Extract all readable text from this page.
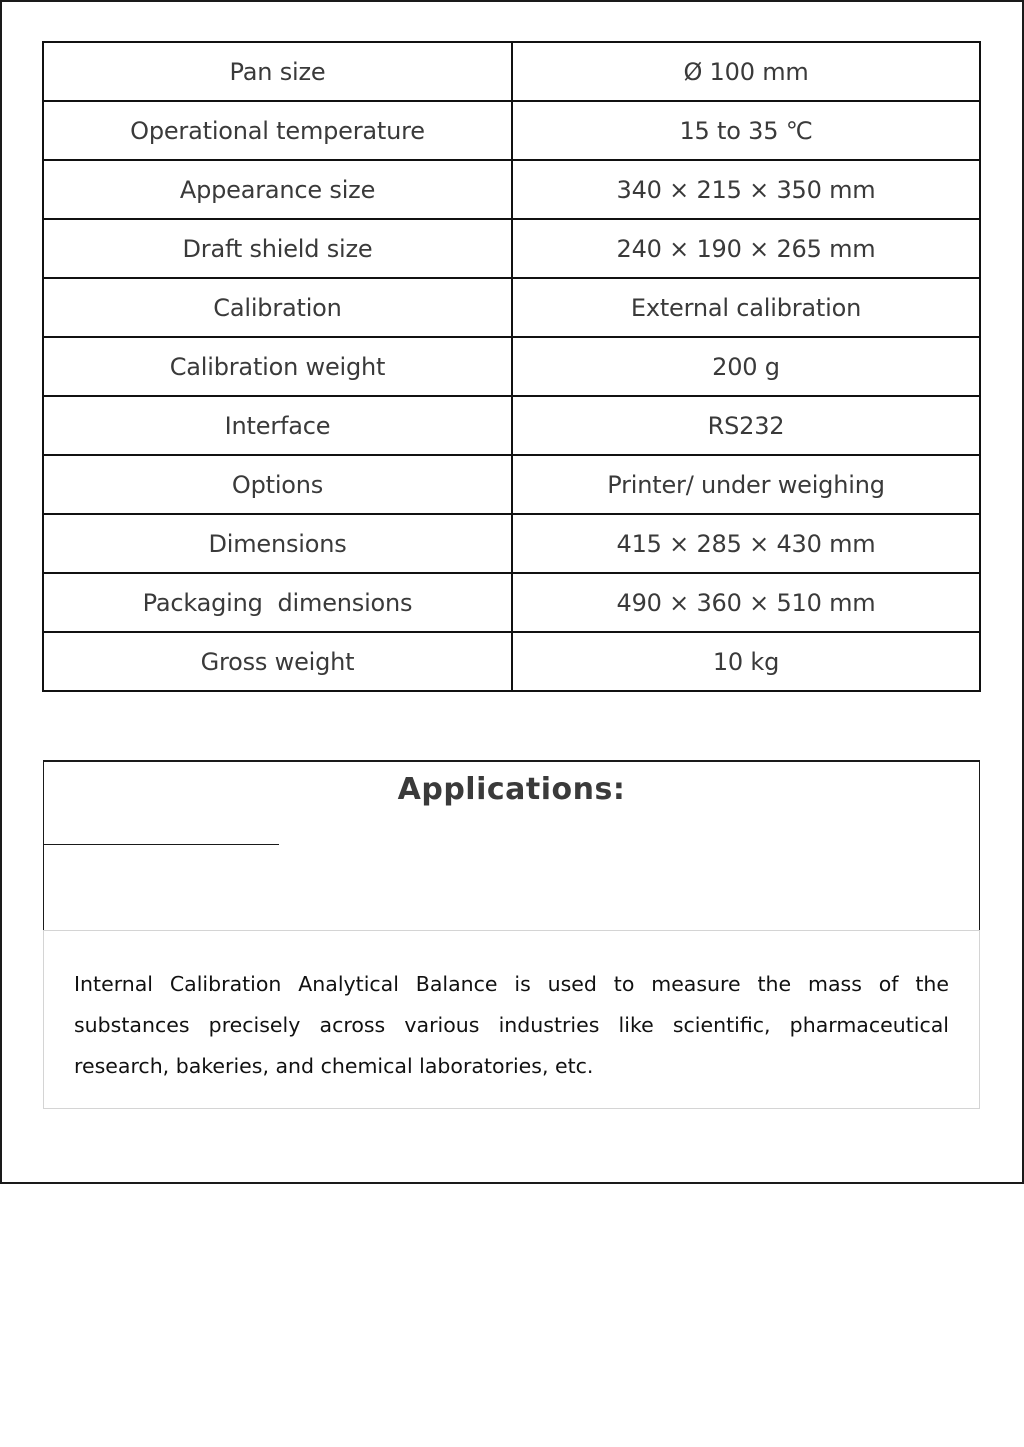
Pan size	Ø 100 mm
Operational temperature	15 to 35 ℃
Appearance size	340 × 215 × 350 mm
Draft shield size	240 × 190 × 265 mm
Calibration	External calibration
Calibration weight	200 g
Interface	RS232
Options	Printer/ under weighing
Dimensions	415 × 285 × 430 mm
Packaging  dimensions	490 × 360 × 510 mm
Gross weight	10 kg
Applications:

Internal Calibration Analytical Balance is used to measure the mass of the substances precisely across various industries like scientific, pharmaceutical research, bakeries, and chemical laboratories, etc.
